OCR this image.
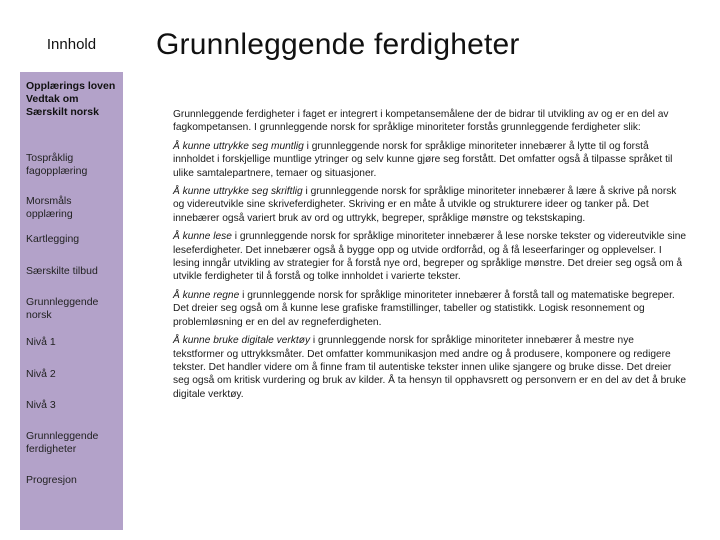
Innhold
Opplærings loven Vedtak om Særskilt norsk
Tospråklig fagopplæring
Morsmåls opplæring
Kartlegging
Særskilte tilbud
Grunnleggende norsk
Nivå 1
Nivå 2
Nivå 3
Grunnleggende ferdigheter
Progresjon
Grunnleggende ferdigheter

Grunnleggende ferdigheter i faget er integrert i kompetansemålene der de bidrar til utvikling av og er en del av fagkompetansen. I grunnleggende norsk for språklige minoriteter forstås grunnleggende ferdigheter slik:

Å kunne uttrykke seg muntlig i grunnleggende norsk for språklige minoriteter innebærer å lytte til og forstå innholdet i forskjellige muntlige ytringer og selv kunne gjøre seg forstått. Det omfatter også å tilpasse språket til ulike samtalepartnere, temaer og situasjoner.

Å kunne uttrykke seg skriftlig i grunnleggende norsk for språklige minoriteter innebærer å lære å skrive på norsk og videreutvikle sine skriveferdigheter. Skriving er en måte å utvikle og strukturere ideer og tanker på. Det innebærer også variert bruk av ord og uttrykk, begreper, språklige mønstre og tekstskaping.

Å kunne lese i grunnleggende norsk for språklige minoriteter innebærer å lese norske tekster og videreutvikle sine leseferdigheter. Det innebærer også å bygge opp og utvide ordforråd, og å få leseerfaringer og opplevelser. I lesing inngår utvikling av strategier for å forstå nye ord, begreper og språklige mønstre. Det dreier seg også om å utvikle ferdigheter til å forstå og tolke innholdet i varierte tekster.

Å kunne regne i grunnleggende norsk for språklige minoriteter innebærer å forstå tall og matematiske begreper. Det dreier seg også om å kunne lese grafiske framstillinger, tabeller og statistikk. Logisk resonnement og problemløsning er en del av regneferdigheten.

Å kunne bruke digitale verktøy i grunnleggende norsk for språklige minoriteter innebærer å mestre nye tekstformer og uttrykksmåter. Det omfatter kommunikasjon med andre og å produsere, komponere og redigere tekster. Det handler videre om å finne fram til autentiske tekster innen ulike sjangere og bruke disse. Det dreier seg også om kritisk vurdering og bruk av kilder. Å ta hensyn til opphavsrett og personvern er en del av det å bruke digitale verktøy.
